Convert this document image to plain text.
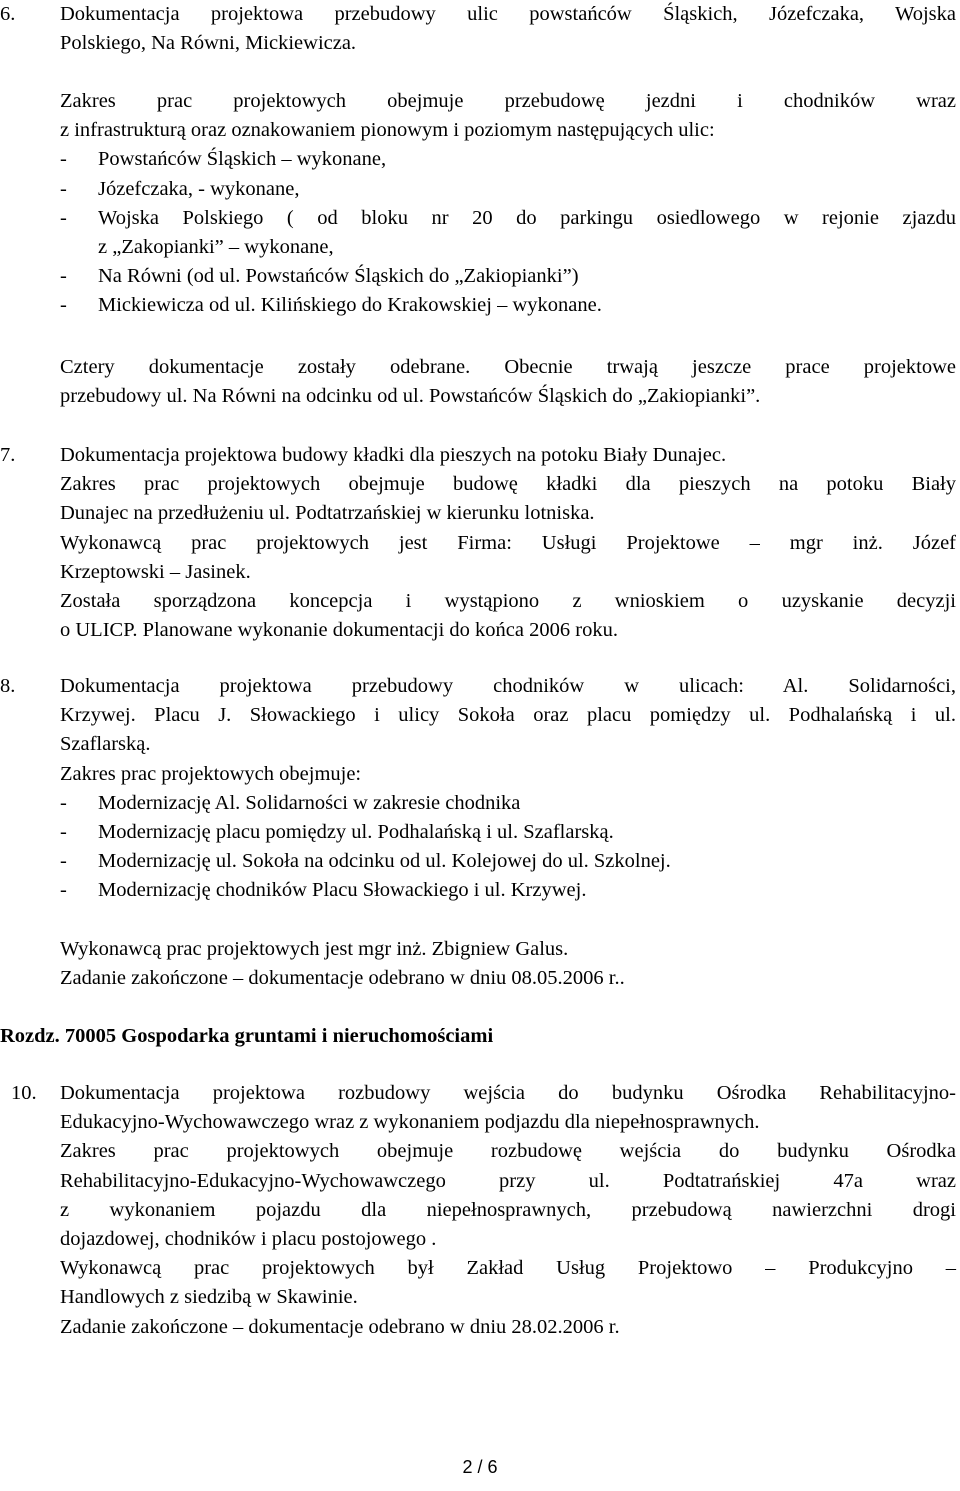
6.	Dokumentacja projektowa przebudowy ulic powstańców Śląskich, Józefczaka, Wojska

Polskiego, Na Równi, Mickiewicza.

Zakres prac projektowych obejmuje przebudowę jezdni i chodników wraz

z infrastrukturą oraz oznakowaniem pionowym i poziomym następujących ulic:

-	Powstańców Śląskich – wykonane,
-	Józefczaka, - wykonane,
-	Wojska Polskiego ( od bloku nr 20 do parkingu osiedlowego w rejonie zjazdu
z „Zakopianki” – wykonane,
-	Na Równi (od ul. Powstańców Śląskich do „Zakiopianki”)
-	Mickiewicza od ul. Kilińskiego do Krakowskiej – wykonane.

Cztery dokumentacje zostały odebrane. Obecnie trwają jeszcze prace projektowe

przebudowy ul. Na Równi na odcinku od ul. Powstańców Śląskich do „Zakiopianki”.

7.	Dokumentacja projektowa budowy kładki dla pieszych na potoku Biały Dunajec.

Zakres prac projektowych obejmuje budowę kładki dla pieszych na potoku Biały

Dunajec na przedłużeniu ul. Podtatrzańskiej w kierunku lotniska.

Wykonawcą prac projektowych jest Firma: Usługi Projektowe – mgr inż. Józef

Krzeptowski – Jasinek.

Została sporządzona koncepcja i wystąpiono z wnioskiem o uzyskanie decyzji

o ULICP. Planowane wykonanie dokumentacji do końca 2006 roku.

8.	Dokumentacja projektowa przebudowy chodników w ulicach: Al. Solidarności,

Krzywej. Placu J. Słowackiego i ulicy Sokoła oraz placu pomiędzy ul. Podhalańską i ul.

Szaflarską.

Zakres prac projektowych obejmuje:

-	Modernizację Al. Solidarności w zakresie chodnika
-	Modernizację placu pomiędzy ul. Podhalańską i ul. Szaflarską.
-	Modernizację ul. Sokoła na odcinku od ul. Kolejowej do ul. Szkolnej.
-	Modernizację chodników Placu Słowackiego i ul. Krzywej.

Wykonawcą prac projektowych jest mgr inż. Zbigniew Galus.

Zadanie zakończone – dokumentacje odebrano w dniu 08.05.2006 r..

Rozdz. 70005 Gospodarka gruntami i nieruchomościami
10.	Dokumentacja projektowa rozbudowy wejścia do budynku Ośrodka Rehabilitacyjno-

Edukacyjno-Wychowawczego wraz z wykonaniem podjazdu dla niepełnosprawnych.

Zakres prac projektowych obejmuje rozbudowę wejścia do budynku Ośrodka

Rehabilitacyjno-Edukacyjno-Wychowawczego przy ul. Podtatrańskiej 47a wraz

z wykonaniem pojazdu dla niepełnosprawnych, przebudową nawierzchni drogi

dojazdowej, chodników i placu postojowego .

Wykonawcą prac projektowych był Zakład Usług Projektowo – Produkcyjno –

Handlowych z siedzibą w Skawinie.

Zadanie zakończone – dokumentacje odebrano w dniu 28.02.2006 r.

2 / 6
